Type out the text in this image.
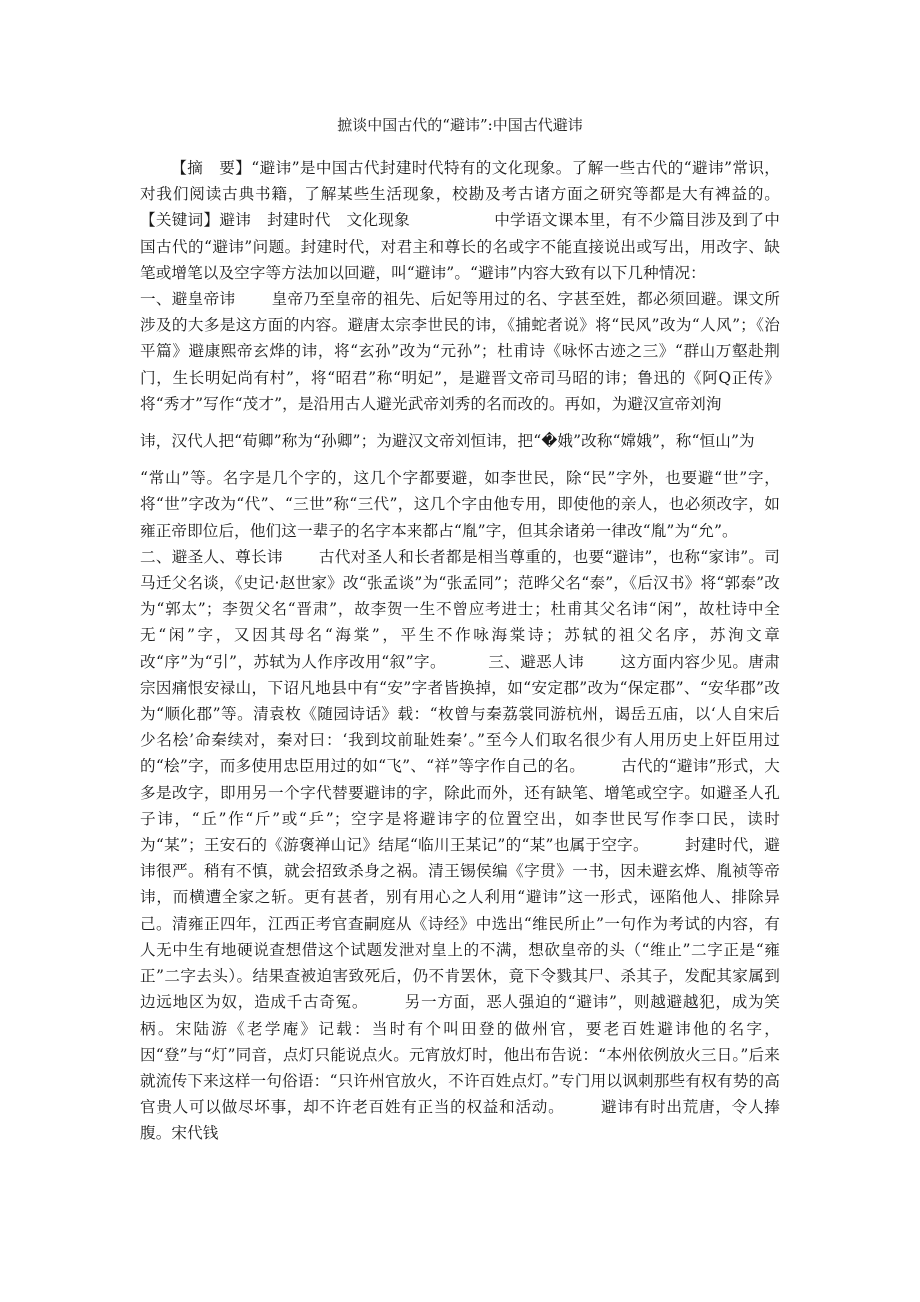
摭谈中国古代的“避讳”:中国古代避讳
【摘　要】“避讳”是中国古代封建时代特有的文化现象。了解一些古代的“避讳”常识，对我们阅读古典书籍，了解某些生活现象，校勘及考古诸方面之研究等都是大有裨益的。 【关键词】避讳　封建时代　文化现象	中学语文课本里，有不少篇目涉及到了中国古代的“避讳”问题。封建时代，对君主和尊长的名或字不能直接说出或写出，用改字、缺笔或增笔以及空字等方法加以回避，叫“避讳”。“避讳”内容大致有以下几种情况：
一、避皇帝讳 皇帝乃至皇帝的祖先、后妃等用过的名、字甚至姓，都必须回避。课文所涉及的大多是这方面的内容。避唐太宗李世民的讳，《捕蛇者说》将“民风”改为“人风”；《治平篇》避康熙帝玄烨的讳，将“玄孙”改为“元孙”；杜甫诗《咏怀古迹之三》“群山万壑赴荆门，生长明妃尚有村”，将“昭君”称“明妃”，是避晋文帝司马昭的讳；鲁迅的《阿Q正传》将“秀才”写作“茂才”，是沿用古人避光武帝刘秀的名而改的。再如，为避汉宣帝刘洵
讳，汉代人把“荀卿”称为“孙卿”；为避汉文帝刘恒讳，把“�娥”改称“嫦娥”，称“恒山”为
“常山”等。名字是几个字的，这几个字都要避，如李世民，除“民”字外，也要避“世”字，将“世”字改为“代”、“三世”称“三代”，这几个字由他专用，即使他的亲人，也必须改字，如雍正帝即位后，他们这一辈子的名字本来都占“胤”字，但其余诸弟一律改“胤”为“允”。
二、避圣人、尊长讳 古代对圣人和长者都是相当尊重的，也要“避讳”，也称“家讳”。司马迁父名谈，《史记·赵世家》改“张孟谈”为“张孟同”；范晔父名“泰”，《后汉书》将“郭泰”改为“郭太”；李贺父名“晋肃”，故李贺一生不曾应考进士；杜甫其父名讳“闲”，故杜诗中全无“闲”字，又因其母名“海棠”，平生不作咏海棠诗；苏轼的祖父名序，苏洵文章改“序”为“引”，苏轼为人作序改用“叙”字。	三、避恶人讳 这方面内容少见。唐肃宗因痛恨安禄山，下诏凡地县中有“安”字者皆换掉，如“安定郡”改为“保定郡”、“安华郡”改为“顺化郡”等。清袁枚《随园诗话》载：“枚曾与秦荔裳同游杭州，谒岳五庙，以‘人自宋后少名桧’命秦续对，秦对曰：‘我到坟前耻姓秦’。”至今人们取名很少有人用历史上奸臣用过的“桧”字，而多使用忠臣用过的如“飞”、“祥”等字作自己的名。 古代的“避讳”形式，大多是改字，即用另一个字代替要避讳的字，除此而外，还有缺笔、增笔或空字。如避圣人孔子讳，“丘”作“斤”或“乒”；空字是将避讳字的位置空出，如李世民写作李口民，读时为“某”；王安石的《游褒禅山记》结尾“临川王某记”的“某”也属于空字。 封建时代，避讳很严。稍有不慎，就会招致杀身之祸。清王锡侯编《字贯》一书，因未避玄烨、胤祯等帝讳，而横遭全家之斩。更有甚者，别有用心之人利用“避讳”这一形式，诬陷他人、排除异己。清雍正四年，江西正考官查嗣庭从《诗经》中选出“维民所止”一句作为考试的内容，有人无中生有地硬说查想借这个试题发泄对皇上的不满，想砍皇帝的头（“维止”二字正是“雍正”二字去头）。结果查被迫害致死后，仍不肯罢休，竟下令戮其尸、杀其子，发配其家属到边远地区为奴，造成千古奇冤。 另一方面，恶人强迫的“避讳”，则越避越犯，成为笑柄。宋陆游《老学庵》记载：当时有个叫田登的做州官，要老百姓避讳他的名字，因“登”与“灯”同音，点灯只能说点火。元宵放灯时，他出布告说：“本州依例放火三日。”后来就流传下来这样一句俗语：“只许州官放火，不许百姓点灯。”专门用以讽刺那些有权有势的高官贵人可以做尽坏事，却不许老百姓有正当的权益和活动。 避讳有时出荒唐，令人捧腹。宋代钱
